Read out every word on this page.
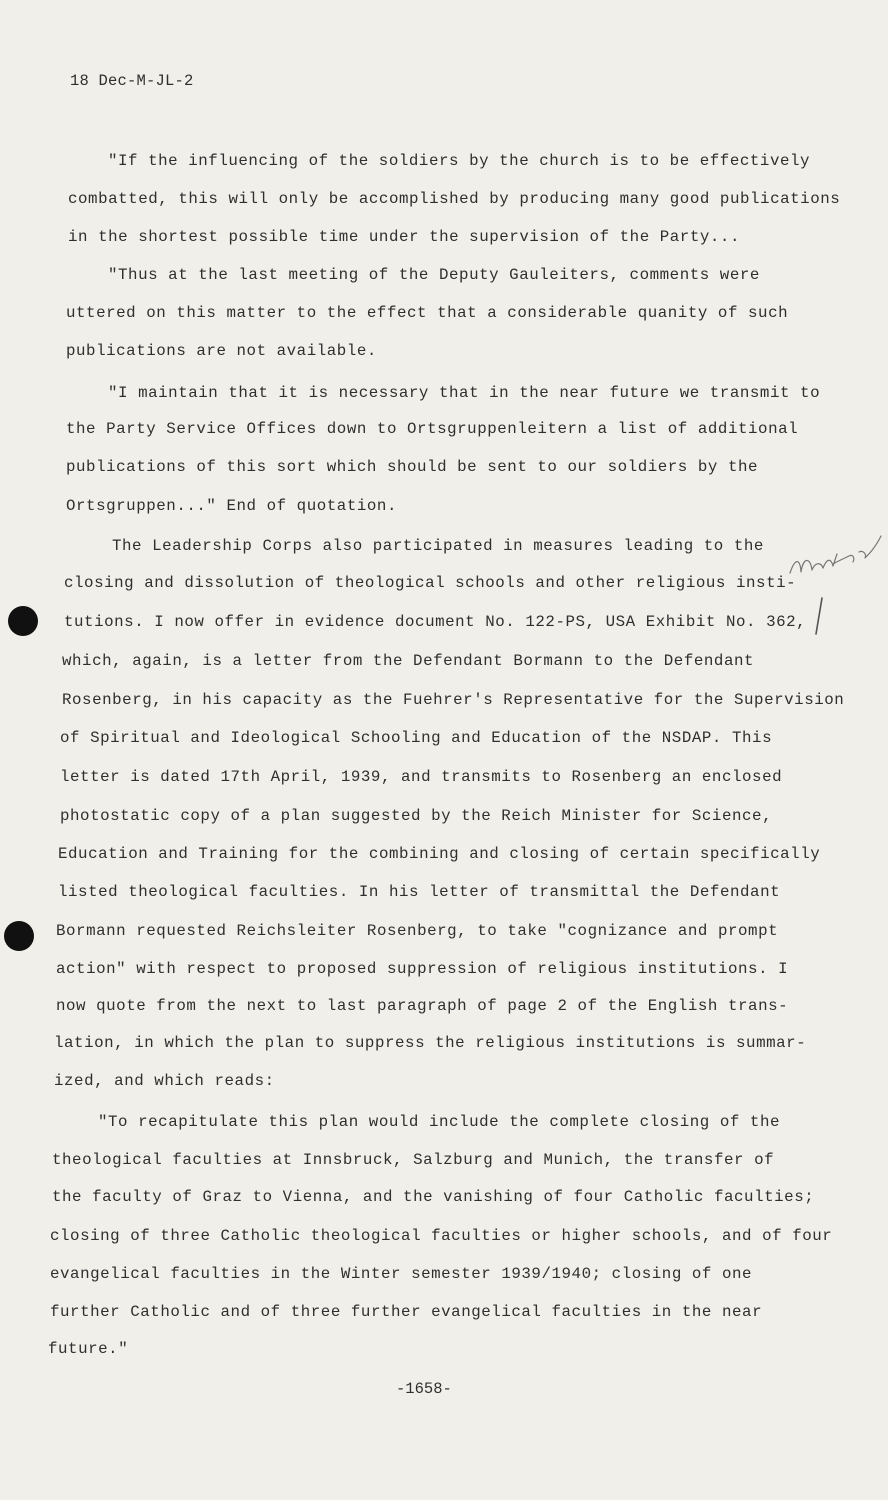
18 Dec-M-JL-2
"If the influencing of the soldiers by the church is to be effectively
combatted, this will only be accomplished by producing many good publications
in the shortest possible time under the supervision of the Party...
"Thus at the last meeting of the Deputy Gauleiters, comments were
uttered on this matter to the effect that a considerable quanity of such
publications are not available.
"I maintain that it is necessary that in the near future we transmit to
the Party Service Offices down to Ortsgruppenleitern a list of additional
publications of this sort which should be sent to our soldiers by the
Ortsgruppen..." End of quotation.
The Leadership Corps also participated in measures leading to the
closing and dissolution of theological schools and other religious insti-
tutions. I now offer in evidence document No. 122-PS, USA Exhibit No. 362,
which, again, is a letter from the Defendant Bormann to the Defendant
Rosenberg, in his capacity as the Fuehrer's Representative for the Supervision
of Spiritual and Ideological Schooling and Education of the NSDAP. This
letter is dated 17th April, 1939, and transmits to Rosenberg an enclosed
photostatic copy of a plan suggested by the Reich Minister for Science,
Education and Training for the combining and closing of certain specifically
listed theological faculties. In his letter of transmittal the Defendant
Bormann requested Reichsleiter Rosenberg, to take "cognizance and prompt
action" with respect to proposed suppression of religious institutions. I
now quote from the next to last paragraph of page 2 of the English trans-
lation, in which the plan to suppress the religious institutions is summar-
ized, and which reads:
"To recapitulate this plan would include the complete closing of the
theological faculties at Innsbruck, Salzburg and Munich, the transfer of
the faculty of Graz to Vienna, and the vanishing of four Catholic faculties;
closing of three Catholic theological faculties or higher schools, and of four
evangelical faculties in the Winter semester 1939/1940; closing of one
further Catholic and of three further evangelical faculties in the near
future."
-1658-
